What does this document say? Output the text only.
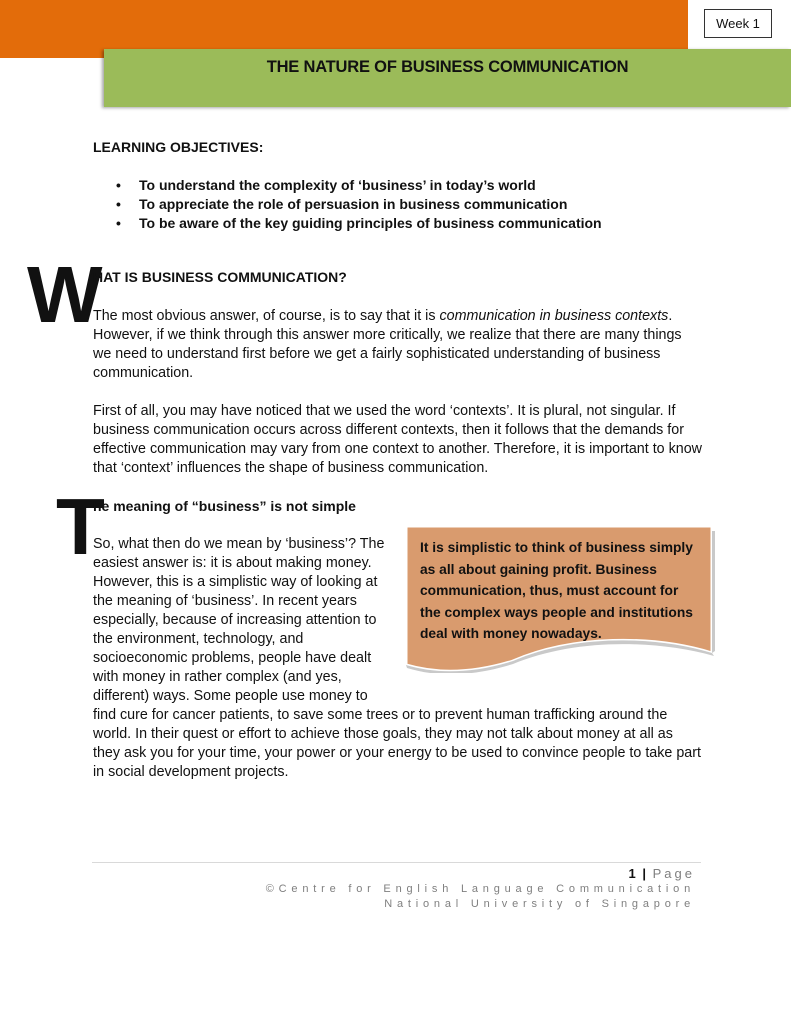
Week 1
THE NATURE OF BUSINESS COMMUNICATION
LEARNING OBJECTIVES:
• To understand the complexity of ‘business’ in today’s world
• To appreciate the role of persuasion in business communication
• To be aware of the key guiding principles of business communication
W
HAT IS BUSINESS COMMUNICATION?
The most obvious answer, of course, is to say that it is communication in business contexts. However, if we think through this answer more critically, we realize that there are many things we need to understand first before we get a fairly sophisticated understanding of business communication.
First of all, you may have noticed that we used the word ‘contexts’. It is plural, not singular. If business communication occurs across different contexts, then it follows that the demands for effective communication may vary from one context to another. Therefore, it is important to know that ‘context’ influences the shape of business communication.
T
he meaning of “business” is not simple
So, what then do we mean by ‘business’? The easiest answer is: it is about making money. However, this is a simplistic way of looking at the meaning of ‘business’. In recent years especially, because of increasing attention to the environment, technology, and socioeconomic problems, people have dealt with money in rather complex (and yes, different) ways. Some people use money to
find cure for cancer patients, to save some trees or to prevent human trafficking around the world. In their quest or effort to achieve those goals, they may not talk about money at all as they ask you for your time, your power or your energy to be used to convince people to take part in social development projects.
It is simplistic to think of business simply as all about gaining profit. Business communication, thus, must account for the complex ways people and institutions deal with money nowadays.
1 | Page
©Centre for English Language Communication
National University of Singapore
